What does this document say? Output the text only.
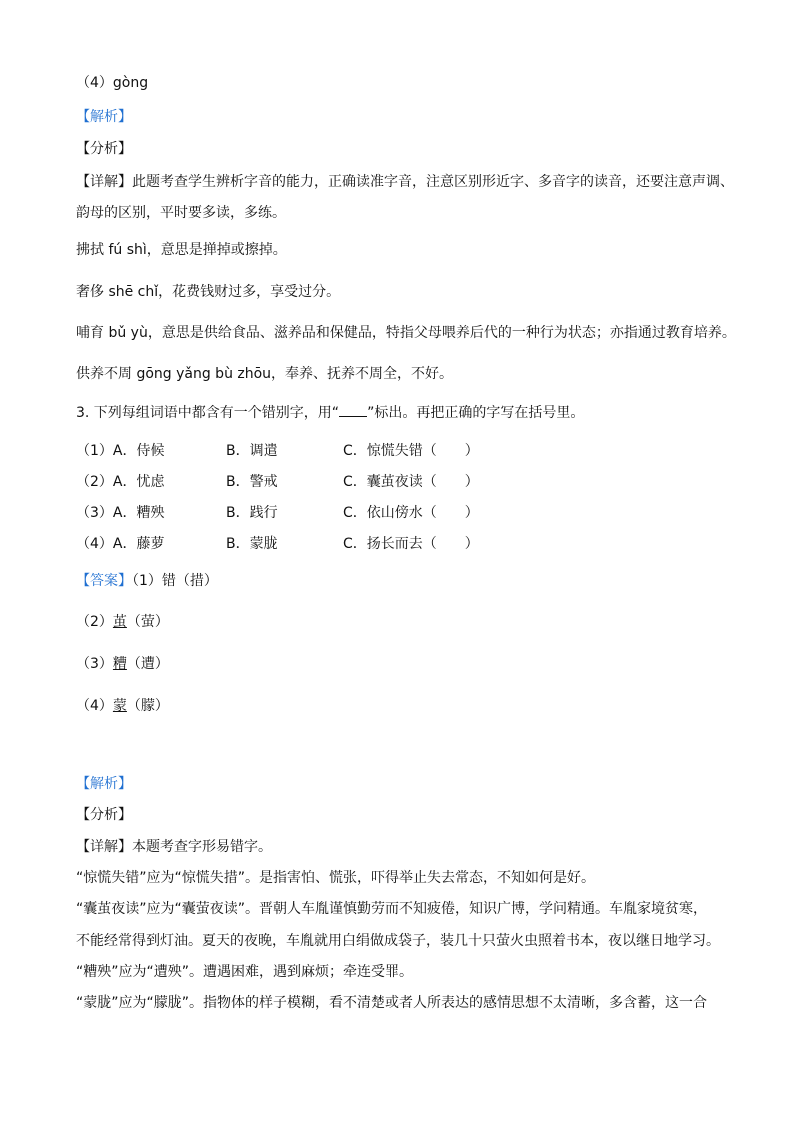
（4）gòng
【解析】
【分析】
【详解】此题考查学生辨析字音的能力，正确读准字音，注意区别形近字、多音字的读音，还要注意声调、
韵母的区别，平时要多读，多练。
拂拭 fú shì，意思是掸掉或擦掉。
奢侈 shē chǐ，花费钱财过多，享受过分。
哺育 bǔ yù，意思是供给食品、滋养品和保健品，特指父母喂养后代的一种行为状态；亦指通过教育培养。
供养不周 gōng yǎng bù zhōu，奉养、抚养不周全，不好。
3. 下列每组词语中都含有一个错别字，用“ ”标出。再把正确的字写在括号里。
（1）A．侍候	B．调遣	C．惊慌失错（　　）
（2）A．忧虑	B．警戒	C．囊茧夜读（　　）
（3）A．糟殃	B．践行	C．依山傍水（　　）
（4）A．藤萝	B．蒙胧	C．扬长而去（　　）
【答案】（1）错（措）
（2）茧（萤）
（3）糟（遭）
（4）蒙（朦）
【解析】
【分析】
【详解】本题考查字形易错字。
“惊慌失错”应为“惊慌失措”。是指害怕、慌张，吓得举止失去常态，不知如何是好。
“囊茧夜读”应为“囊萤夜读”。晋朝人车胤谨慎勤劳而不知疲倦，知识广博，学问精通。车胤家境贫寒，
不能经常得到灯油。夏天的夜晚，车胤就用白绢做成袋子，装几十只萤火虫照着书本，夜以继日地学习。
“糟殃”应为“遭殃”。遭遇困难，遇到麻烦；牵连受罪。
“蒙胧”应为“朦胧”。指物体的样子模糊，看不清楚或者人所表达的感情思想不太清晰，多含蓄，这一合
